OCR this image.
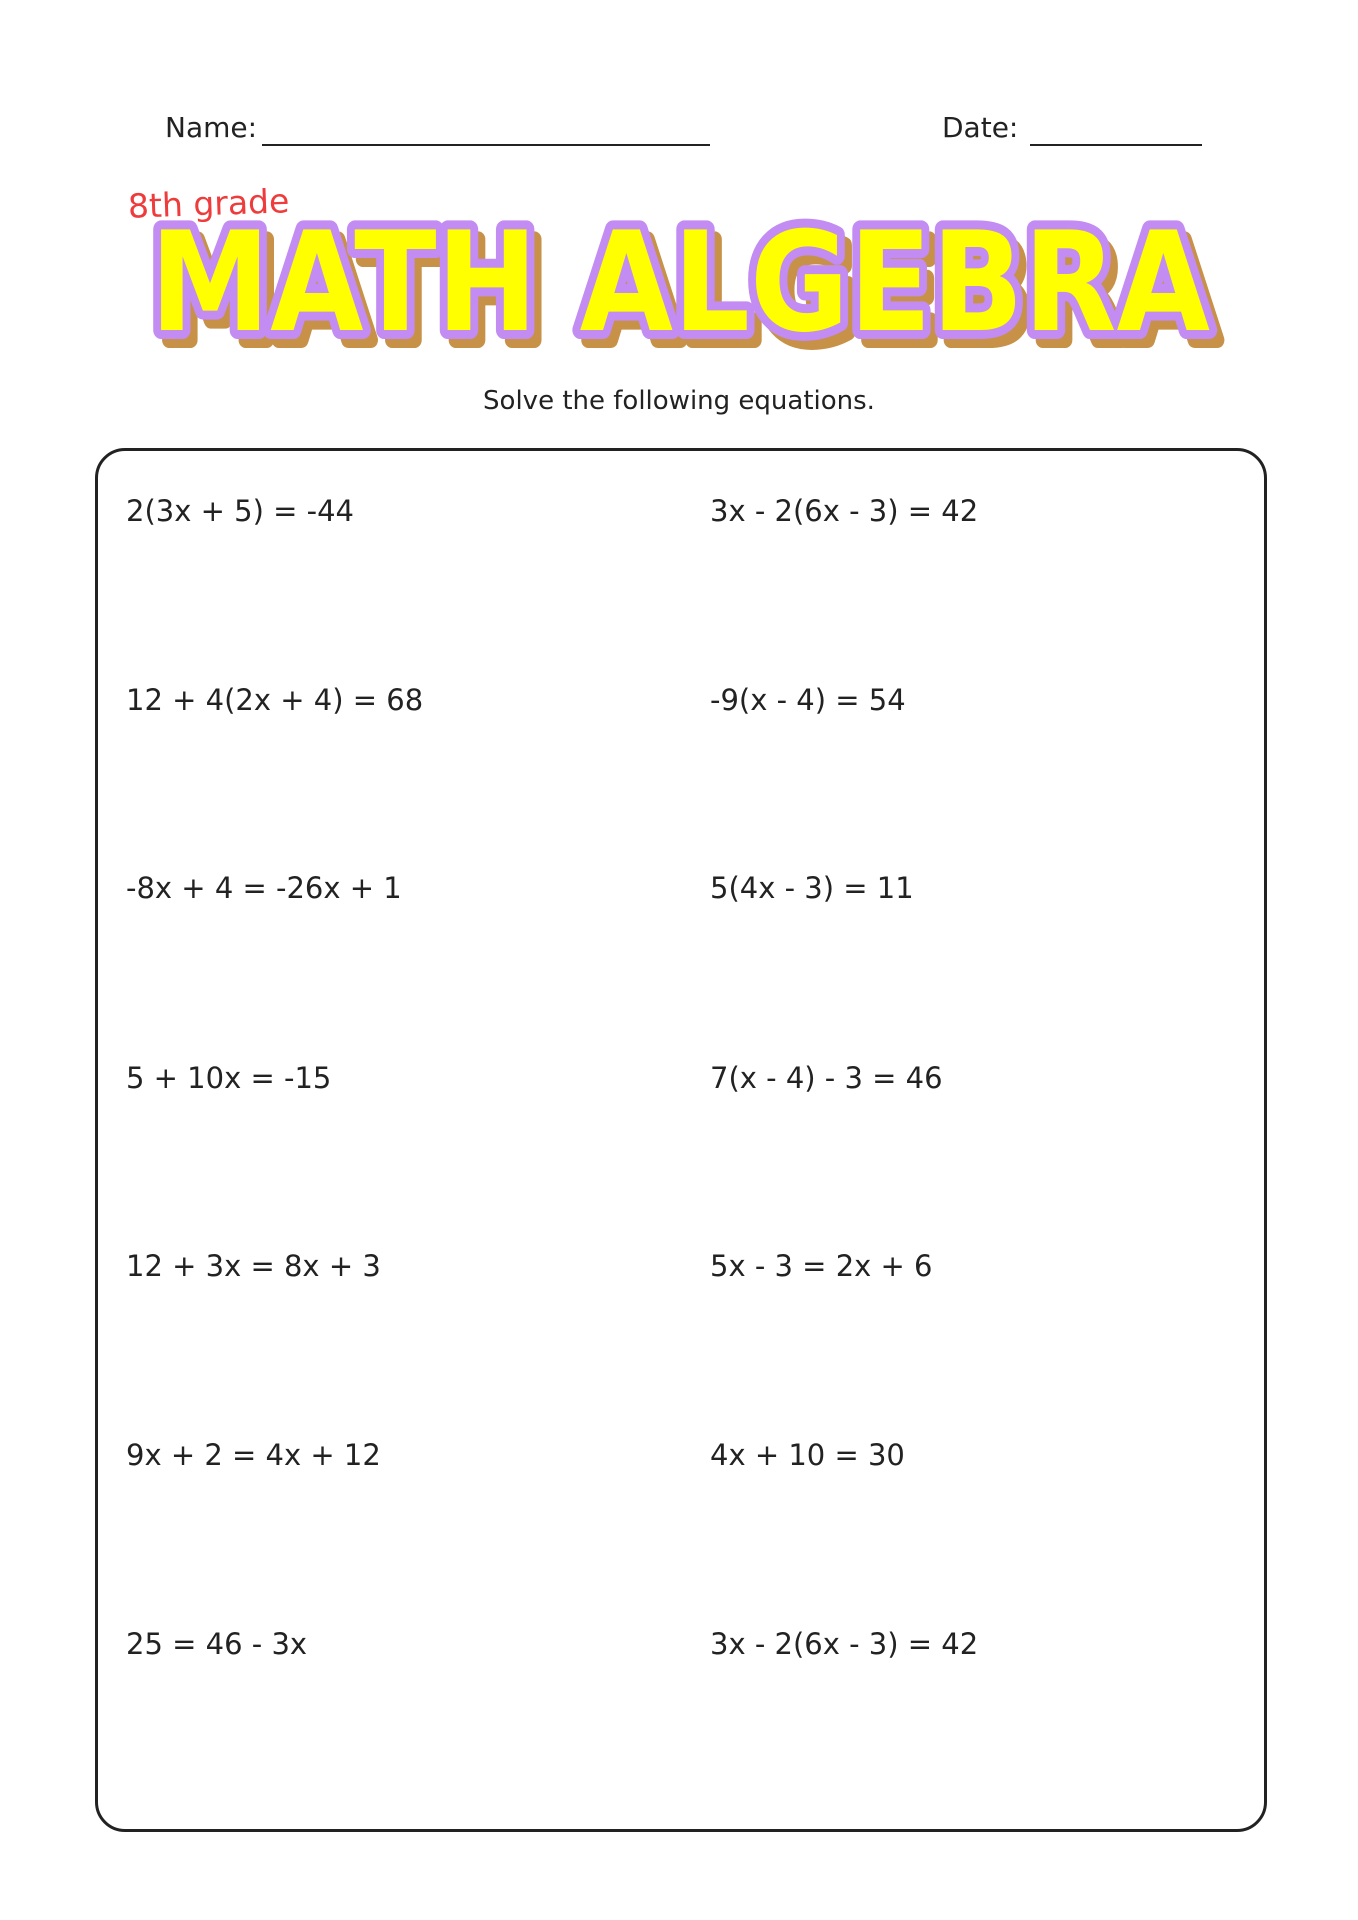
Name:	Date:
8th grade
MATH ALGEBRA
MATH ALGEBRA
MATH ALGEBRA
Solve the following equations.
2(3x + 5) = -44	3x - 2(6x - 3) = 42
12 + 4(2x + 4) = 68	-9(x - 4) = 54
-8x + 4 = -26x + 1	5(4x - 3) = 11
5 + 10x = -15	7(x - 4) - 3 = 46
12 + 3x = 8x + 3	5x - 3 = 2x + 6
9x + 2 = 4x + 12	4x + 10 = 30
25 = 46 - 3x	3x - 2(6x - 3) = 42
